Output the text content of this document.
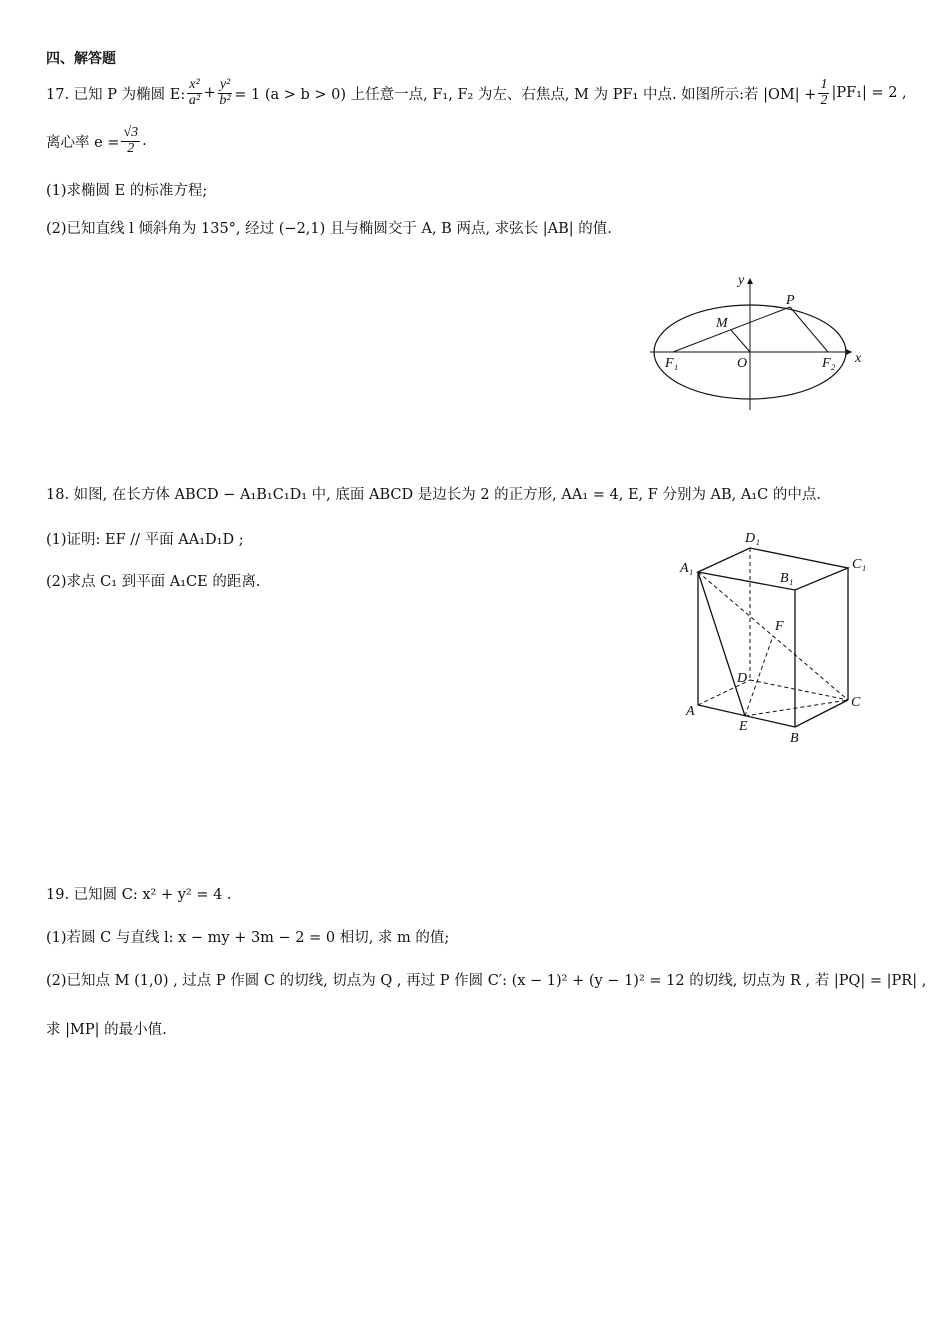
四、解答题
17. 已知 P 为椭圆 E: $\frac{\text{x²}}{\text{a²}} + \frac{\text{y²}}{\text{b²}} = 1$ (a > b > 0) 上任意一点, F₁, F₂ 为左、右焦点, M 为 PF₁ 中点. 如图所示:若 $|OM| + \frac{1}{2} |PF_1| = 2$ ,
离心率 $e = \frac{√3}{2}$ .
(1)求椭圆 E 的标准方程;
(2)已知直线 l 倾斜角为 135°, 经过 (−2,1) 且与椭圆交于 A, B 两点, 求弦长 |AB| 的值.
y
x
P
M
O
F₁	F₂
A₁
D₁
C₁
B₁
F
D
A
E
B
C
18. 如图, 在长方体 ABCD − A₁B₁C₁D₁ 中, 底面 ABCD 是边长为 2 的正方形, AA₁ = 4, E, F 分别为 AB, A₁C 的中点.
(1)证明: EF // 平面 AA₁D₁D ;
(2)求点 C₁ 到平面 A₁CE 的距离.
19. 已知圆 C: x² + y² = 4 .
(1)若圆 C 与直线 l: x − my + 3m − 2 = 0 相切, 求 m 的值;
(2)已知点 M (1,0) , 过点 P 作圆 C 的切线, 切点为 Q , 再过 P 作圆 C′: (x − 1)² + (y − 1)² = 12 的切线, 切点为 R , 若 |PQ| = |PR| ,
求 |MP| 的最小值.
